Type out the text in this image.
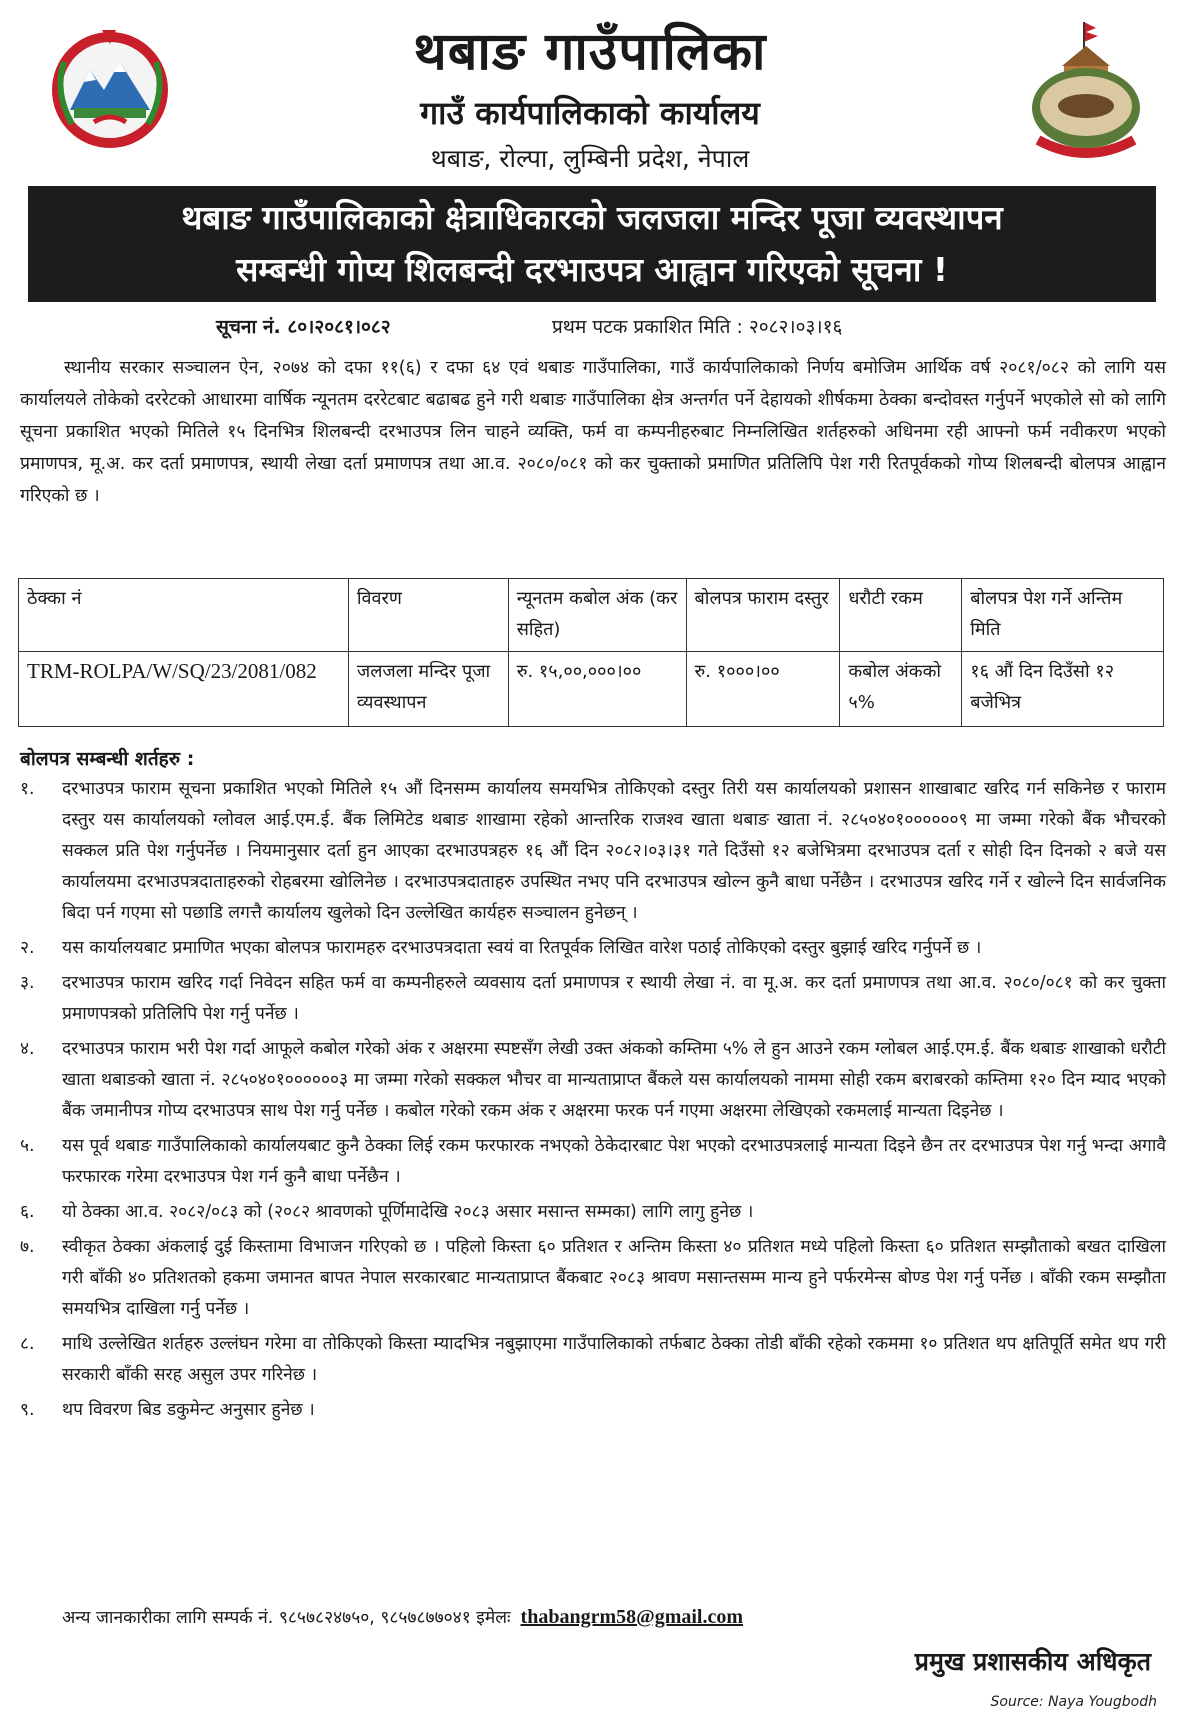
थबाङ गाउँपालिका
गाउँ कार्यपालिकाको कार्यालय
थबाङ, रोल्पा, लुम्बिनी प्रदेश, नेपाल
थबाङ गाउँपालिकाको क्षेत्राधिकारको जलजला मन्दिर पूजा व्यवस्थापन
सम्बन्धी गोप्य शिलबन्दी दरभाउपत्र आह्वान गरिएको सूचना !
सूचना नं. ८०।२०८१।०८२	प्रथम पटक प्रकाशित मिति : २०८२।०३।१६
स्थानीय सरकार सञ्चालन ऐन, २०७४ को दफा ११(६) र दफा ६४ एवं थबाङ गाउँपालिका, गाउँ कार्यपालिकाको निर्णय बमोजिम आर्थिक वर्ष २०८१/०८२ को लागि यस कार्यालयले तोकेको दररेटको आधारमा वार्षिक न्यूनतम दररेटबाट बढाबढ हुने गरी थबाङ गाउँपालिका क्षेत्र अन्तर्गत पर्ने देहायको शीर्षकमा ठेक्का बन्दोवस्त गर्नुपर्ने भएकोले सो को लागि सूचना प्रकाशित भएको मितिले १५ दिनभित्र शिलबन्दी दरभाउपत्र लिन चाहने व्यक्ति, फर्म वा कम्पनीहरुबाट निम्नलिखित शर्तहरुको अधिनमा रही आफ्नो फर्म नवीकरण भएको प्रमाणपत्र, मू.अ. कर दर्ता प्रमाणपत्र, स्थायी लेखा दर्ता प्रमाणपत्र तथा आ.व. २०८०/०८१ को कर चुक्ताको प्रमाणित प्रतिलिपि पेश गरी रितपूर्वकको गोप्य शिलबन्दी बोलपत्र आह्वान गरिएको छ ।
ठेक्का नं	विवरण	न्यूनतम कबोल अंक (कर सहित)	बोलपत्र फाराम दस्तुर	धरौटी रकम	बोलपत्र पेश गर्ने अन्तिम मिति
TRM-ROLPA/W/SQ/23/2081/082	जलजला मन्दिर पूजा व्यवस्थापन	रु. १५,००,०००।००	रु. १०००।००	कबोल अंकको ५%	१६ औं दिन दिउँसो १२ बजेभित्र
बोलपत्र सम्बन्धी शर्तहरु :
१. दरभाउपत्र फाराम सूचना प्रकाशित भएको मितिले १५ औं दिनसम्म कार्यालय समयभित्र तोकिएको दस्तुर तिरी यस कार्यालयको प्रशासन शाखाबाट खरिद गर्न सकिनेछ र फाराम दस्तुर यस कार्यालयको ग्लोवल आई.एम.ई. बैंक लिमिटेड थबाङ शाखामा रहेको आन्तरिक राजश्व खाता थबाङ खाता नं. २८५०४०१००००००९ मा जम्मा गरेको बैंक भौचरको सक्कल प्रति पेश गर्नुपर्नेछ । नियमानुसार दर्ता हुन आएका दरभाउपत्रहरु १६ औं दिन २०८२।०३।३१ गते दिउँसो १२ बजेभित्रमा दरभाउपत्र दर्ता र सोही दिन दिनको २ बजे यस कार्यालयमा दरभाउपत्रदाताहरुको रोहबरमा खोलिनेछ । दरभाउपत्रदाताहरु उपस्थित नभए पनि दरभाउपत्र खोल्न कुनै बाधा पर्नेछैन । दरभाउपत्र खरिद गर्ने र खोल्ने दिन सार्वजनिक बिदा पर्न गएमा सो पछाडि लगत्तै कार्यालय खुलेको दिन उल्लेखित कार्यहरु सञ्चालन हुनेछन् ।
२. यस कार्यालयबाट प्रमाणित भएका बोलपत्र फारामहरु दरभाउपत्रदाता स्वयं वा रितपूर्वक लिखित वारेश पठाई तोकिएको दस्तुर बुझाई खरिद गर्नुपर्ने छ ।
३. दरभाउपत्र फाराम खरिद गर्दा निवेदन सहित फर्म वा कम्पनीहरुले व्यवसाय दर्ता प्रमाणपत्र र स्थायी लेखा नं. वा मू.अ. कर दर्ता प्रमाणपत्र तथा आ.व. २०८०/०८१ को कर चुक्ता प्रमाणपत्रको प्रतिलिपि पेश गर्नु पर्नेछ ।
४. दरभाउपत्र फाराम भरी पेश गर्दा आफूले कबोल गरेको अंक र अक्षरमा स्पष्टसँग लेखी उक्त अंकको कम्तिमा ५% ले हुन आउने रकम ग्लोबल आई.एम.ई. बैंक थबाङ शाखाको धरौटी खाता थबाङको खाता नं. २८५०४०१००००००३ मा जम्मा गरेको सक्कल भौचर वा मान्यताप्राप्त बैंकले यस कार्यालयको नाममा सोही रकम बराबरको कम्तिमा १२० दिन म्याद भएको बैंक जमानीपत्र गोप्य दरभाउपत्र साथ पेश गर्नु पर्नेछ । कबोल गरेको रकम अंक र अक्षरमा फरक पर्न गएमा अक्षरमा लेखिएको रकमलाई मान्यता दिइनेछ ।
५. यस पूर्व थबाङ गाउँपालिकाको कार्यालयबाट कुनै ठेक्का लिई रकम फरफारक नभएको ठेकेदारबाट पेश भएको दरभाउपत्रलाई मान्यता दिइने छैन तर दरभाउपत्र पेश गर्नु भन्दा अगावै फरफारक गरेमा दरभाउपत्र पेश गर्न कुनै बाधा पर्नेछैन ।
६. यो ठेक्का आ.व. २०८२/०८३ को (२०८२ श्रावणको पूर्णिमादेखि २०८३ असार मसान्त सम्मका) लागि लागु हुनेछ ।
७. स्वीकृत ठेक्का अंकलाई दुई किस्तामा विभाजन गरिएको छ । पहिलो किस्ता ६० प्रतिशत र अन्तिम किस्ता ४० प्रतिशत मध्ये पहिलो किस्ता ६० प्रतिशत सम्झौताको बखत दाखिला गरी बाँकी ४० प्रतिशतको हकमा जमानत बापत नेपाल सरकारबाट मान्यताप्राप्त बैंकबाट २०८३ श्रावण मसान्तसम्म मान्य हुने पर्फरमेन्स बोण्ड पेश गर्नु पर्नेछ । बाँकी रकम सम्झौता समयभित्र दाखिला गर्नु पर्नेछ ।
८. माथि उल्लेखित शर्तहरु उल्लंघन गरेमा वा तोकिएको किस्ता म्यादभित्र नबुझाएमा गाउँपालिकाको तर्फबाट ठेक्का तोडी बाँकी रहेको रकममा १० प्रतिशत थप क्षतिपूर्ति समेत थप गरी सरकारी बाँकी सरह असुल उपर गरिनेछ ।
९. थप विवरण बिड डकुमेन्ट अनुसार हुनेछ ।
अन्य जानकारीका लागि सम्पर्क नं. ९८५७८२४७५०, ९८५७८७७०४१ इमेलः thabangrm58@gmail.com
प्रमुख प्रशासकीय अधिकृत
Source: Naya Yougbodh
